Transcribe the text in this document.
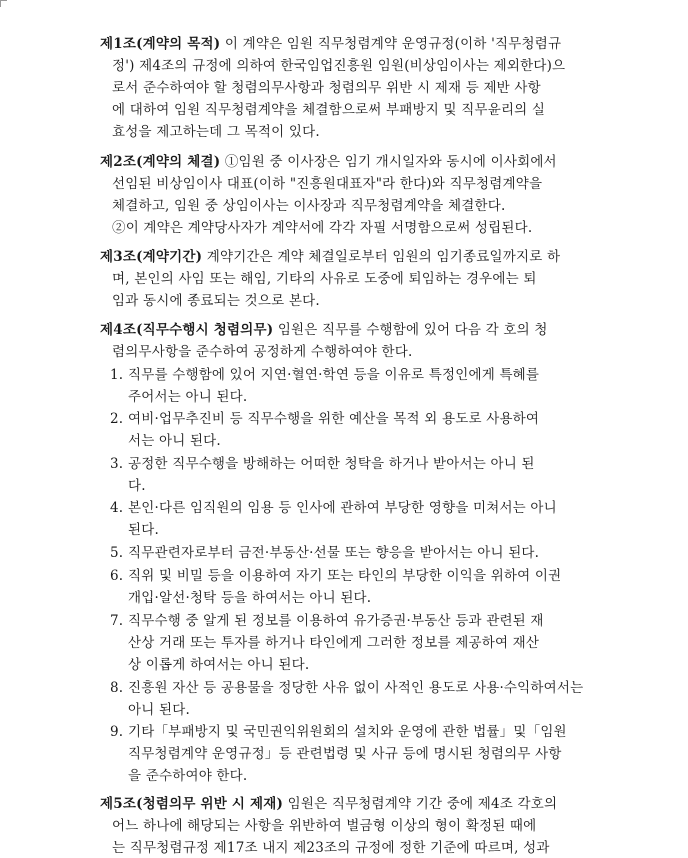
제1조(계약의 목적) 이 계약은 임원 직무청렴계약 운영규정(이하 '직무청렴규
정') 제4조의 규정에 의하여 한국임업진흥원 임원(비상임이사는 제외한다)으
로서 준수하여야 할 청렴의무사항과 청렴의무 위반 시 제재 등 제반 사항
에 대하여 임원 직무청렴계약을 체결함으로써 부패방지 및 직무윤리의 실
효성을 제고하는데 그 목적이 있다.
제2조(계약의 체결) ①임원 중 이사장은 임기 개시일자와 동시에 이사회에서
선임된 비상임이사 대표(이하 "진흥원대표자"라 한다)와 직무청렴계약을
체결하고, 임원 중 상임이사는 이사장과 직무청렴계약을 체결한다.
②이 계약은 계약당사자가 계약서에 각각 자필 서명함으로써 성립된다.
제3조(계약기간) 계약기간은 계약 체결일로부터 임원의 임기종료일까지로 하
며, 본인의 사임 또는 해임, 기타의 사유로 도중에 퇴임하는 경우에는 퇴
임과 동시에 종료되는 것으로 본다.
제4조(직무수행시 청렴의무) 임원은 직무를 수행함에 있어 다음 각 호의 청
렴의무사항을 준수하여 공정하게 수행하여야 한다.
1. 직무를 수행함에 있어 지연·혈연·학연 등을 이유로 특정인에게 특혜를
주어서는 아니 된다.
2. 여비·업무추진비 등 직무수행을 위한 예산을 목적 외 용도로 사용하여
서는 아니 된다.
3. 공정한 직무수행을 방해하는 어떠한 청탁을 하거나 받아서는 아니 된
다.
4. 본인·다른 임직원의 임용 등 인사에 관하여 부당한 영향을 미쳐서는 아니
된다.
5. 직무관련자로부터 금전·부동산·선물 또는 향응을 받아서는 아니 된다.
6. 직위 및 비밀 등을 이용하여 자기 또는 타인의 부당한 이익을 위하여 이권
개입·알선·청탁 등을 하여서는 아니 된다.
7. 직무수행 중 알게 된 정보를 이용하여 유가증권·부동산 등과 관련된 재
산상 거래 또는 투자를 하거나 타인에게 그러한 정보를 제공하여 재산
상 이롭게 하여서는 아니 된다.
8. 진흥원 자산 등 공용물을 정당한 사유 없이 사적인 용도로 사용·수익하여서는
아니 된다.
9. 기타「부패방지 및 국민권익위원회의 설치와 운영에 관한 법률」및「임원
직무청렴계약 운영규정」등 관련법령 및 사규 등에 명시된 청렴의무 사항
을 준수하여야 한다.
제5조(청렴의무 위반 시 제재) 임원은 직무청렴계약 기간 중에 제4조 각호의
어느 하나에 해당되는 사항을 위반하여 벌금형 이상의 형이 확정된 때에
는 직무청렴규정 제17조 내지 제23조의 규정에 정한 기준에 따르며, 성과
